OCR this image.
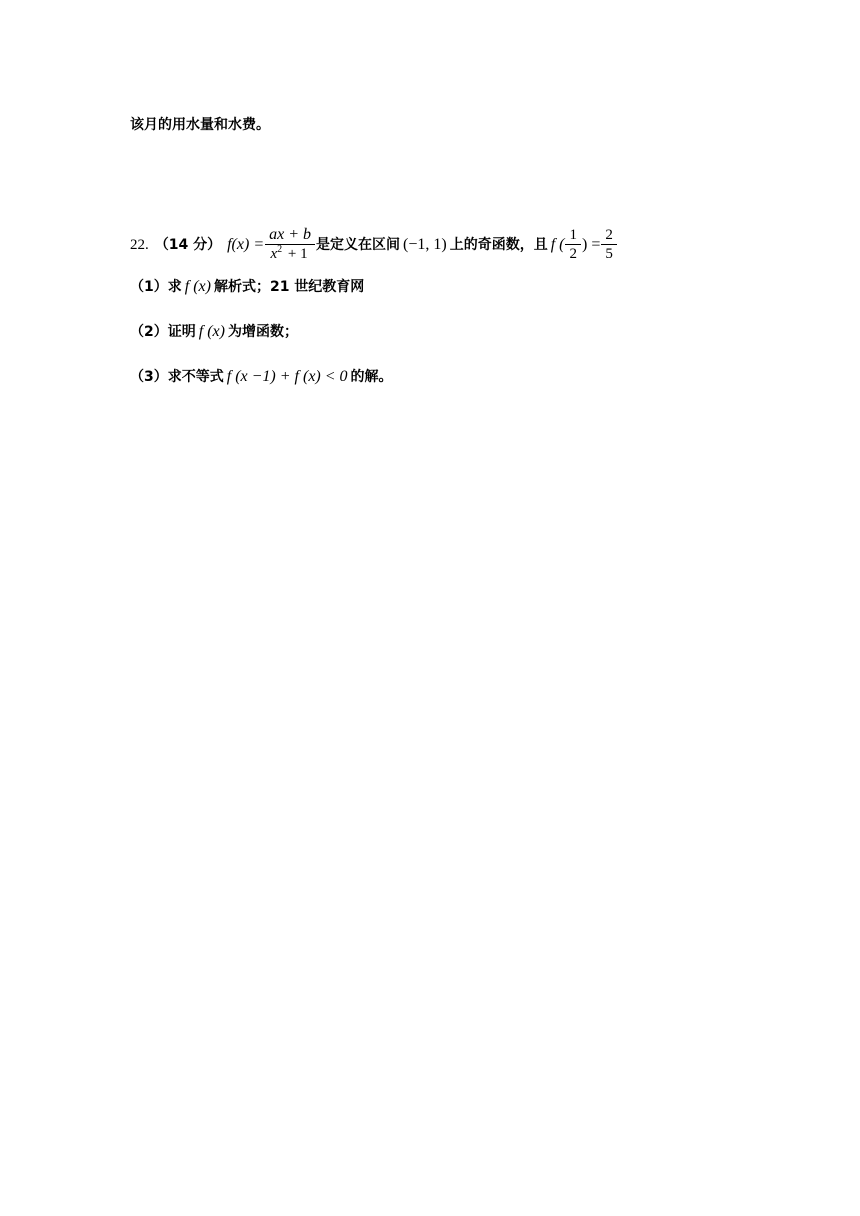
该月的用水量和水费。
22. （14 分） $f(x) = \frac{ax + b}{x^2 + 1}$ 是定义在区间 (−1, 1) 上的奇函数，且 f ( $\frac{1}{2}$ ) = $\frac{2}{5}$
（1）求 f (x) 解析式；21 世纪教育网
（2）证明 f (x) 为增函数；
（3）求不等式 f (x −1) + f (x) < 0 的解。
